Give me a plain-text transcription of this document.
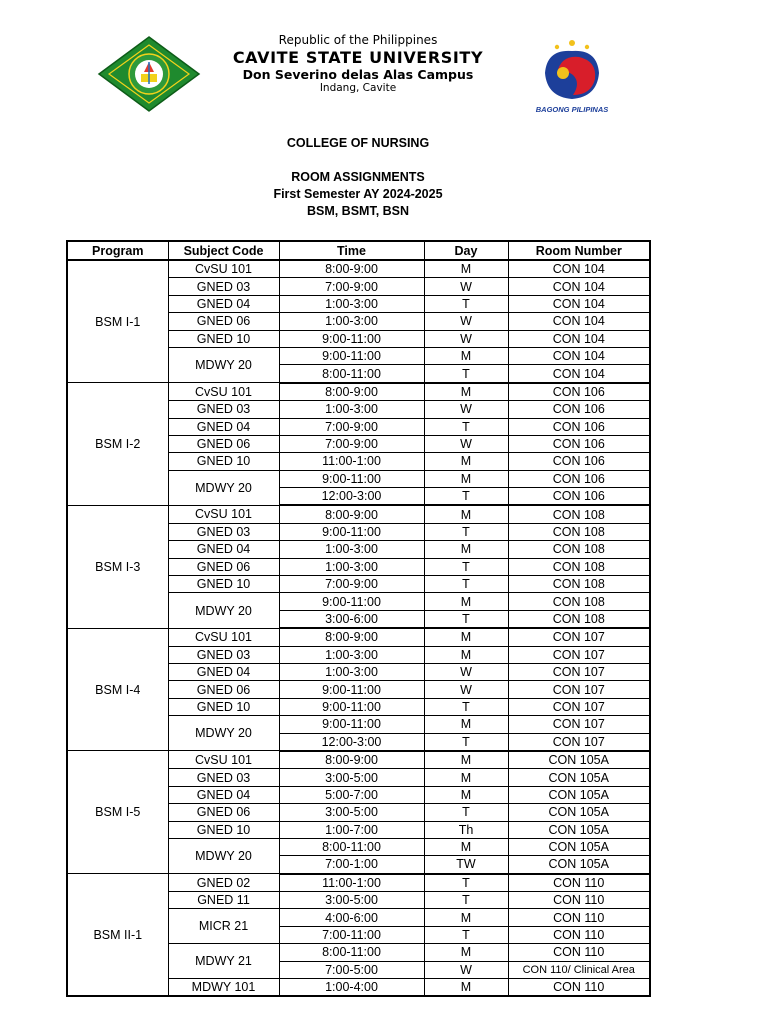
Republic of the Philippines
CAVITE STATE UNIVERSITY
Don Severino delas Alas Campus
Indang, Cavite
BAGONG PILIPINAS
COLLEGE OF NURSING
ROOM ASSIGNMENTS
First Semester AY 2024-2025
BSM, BSMT, BSN
Program	Subject Code	Time	Day	Room Number
BSM I-1	CvSU 101	8:00-9:00	M	CON 104
	GNED 03	7:00-9:00	W	CON 104
	GNED 04	1:00-3:00	T	CON 104
	GNED 06	1:00-3:00	W	CON 104
	GNED 10	9:00-11:00	W	CON 104
	MDWY 20	9:00-11:00	M	CON 104
		8:00-11:00	T	CON 104
BSM I-2	CvSU 101	8:00-9:00	M	CON 106
	GNED 03	1:00-3:00	W	CON 106
	GNED 04	7:00-9:00	T	CON 106
	GNED 06	7:00-9:00	W	CON 106
	GNED 10	11:00-1:00	M	CON 106
	MDWY 20	9:00-11:00	M	CON 106
		12:00-3:00	T	CON 106
BSM I-3	CvSU 101	8:00-9:00	M	CON 108
	GNED 03	9:00-11:00	T	CON 108
	GNED 04	1:00-3:00	M	CON 108
	GNED 06	1:00-3:00	T	CON 108
	GNED 10	7:00-9:00	T	CON 108
	MDWY 20	9:00-11:00	M	CON 108
		3:00-6:00	T	CON 108
BSM I-4	CvSU 101	8:00-9:00	M	CON 107
	GNED 03	1:00-3:00	M	CON 107
	GNED 04	1:00-3:00	W	CON 107
	GNED 06	9:00-11:00	W	CON 107
	GNED 10	9:00-11:00	T	CON 107
	MDWY 20	9:00-11:00	M	CON 107
		12:00-3:00	T	CON 107
BSM I-5	CvSU 101	8:00-9:00	M	CON 105A
	GNED 03	3:00-5:00	M	CON 105A
	GNED 04	5:00-7:00	M	CON 105A
	GNED 06	3:00-5:00	T	CON 105A
	GNED 10	1:00-7:00	Th	CON 105A
	MDWY 20	8:00-11:00	M	CON 105A
		7:00-1:00	TW	CON 105A
BSM II-1	GNED 02	11:00-1:00	T	CON 110
	GNED 11	3:00-5:00	T	CON 110
	MICR 21	4:00-6:00	M	CON 110
		7:00-11:00	T	CON 110
	MDWY 21	8:00-11:00	M	CON 110
		7:00-5:00	W	CON 110/ Clinical Area
	MDWY 101	1:00-4:00	M	CON 110
